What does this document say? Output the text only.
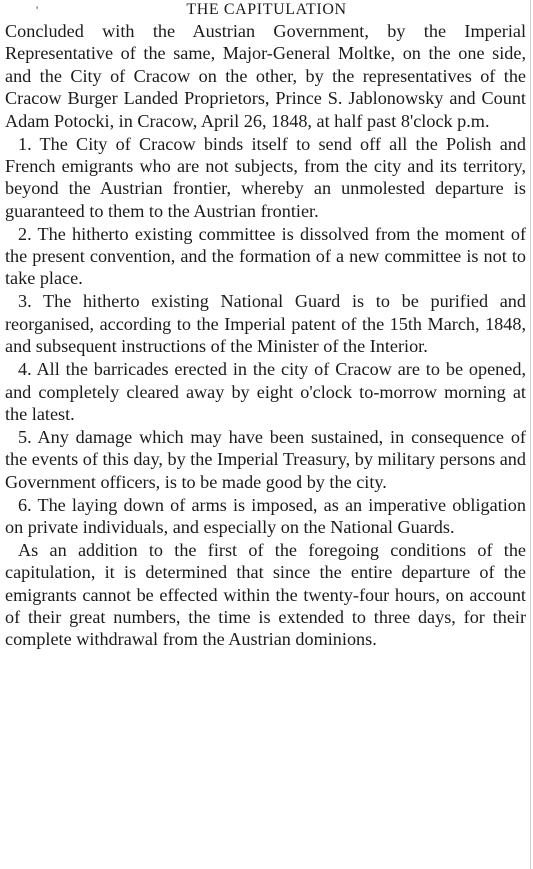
'	THE CAPITULATION

Concluded with the Austrian Government, by the Imperial Representative of the same, Major-General Moltke, on the one side, and the City of Cracow on the other, by the representatives of the Cracow Burger Landed Proprietors, Prince S. Jablonowsky and Count Adam Potocki, in Cracow, April 26, 1848, at half past 8'clock p.m.

1. The City of Cracow binds itself to send off all the Polish and French emigrants who are not subjects, from the city and its territory, beyond the Austrian frontier, whereby an unmolested departure is guaranteed to them to the Austrian frontier.

2. The hitherto existing committee is dissolved from the moment of the present convention, and the formation of a new committee is not to take place.

3. The hitherto existing National Guard is to be purified and reorganised, according to the Imperial patent of the 15th March, 1848, and subsequent instructions of the Minister of the Interior.

4. All the barricades erected in the city of Cracow are to be opened, and completely cleared away by eight o'clock to-morrow morning at the latest.

5. Any damage which may have been sustained, in consequence of the events of this day, by the Imperial Treasury, by military persons and Government officers, is to be made good by the city.

6. The laying down of arms is imposed, as an imperative obligation on private individuals, and especially on the National Guards.

As an addition to the first of the foregoing conditions of the capitulation, it is determined that since the entire departure of the emigrants cannot be effected within the twenty-four hours, on account of their great numbers, the time is extended to three days, for their complete withdrawal from the Austrian dominions.
